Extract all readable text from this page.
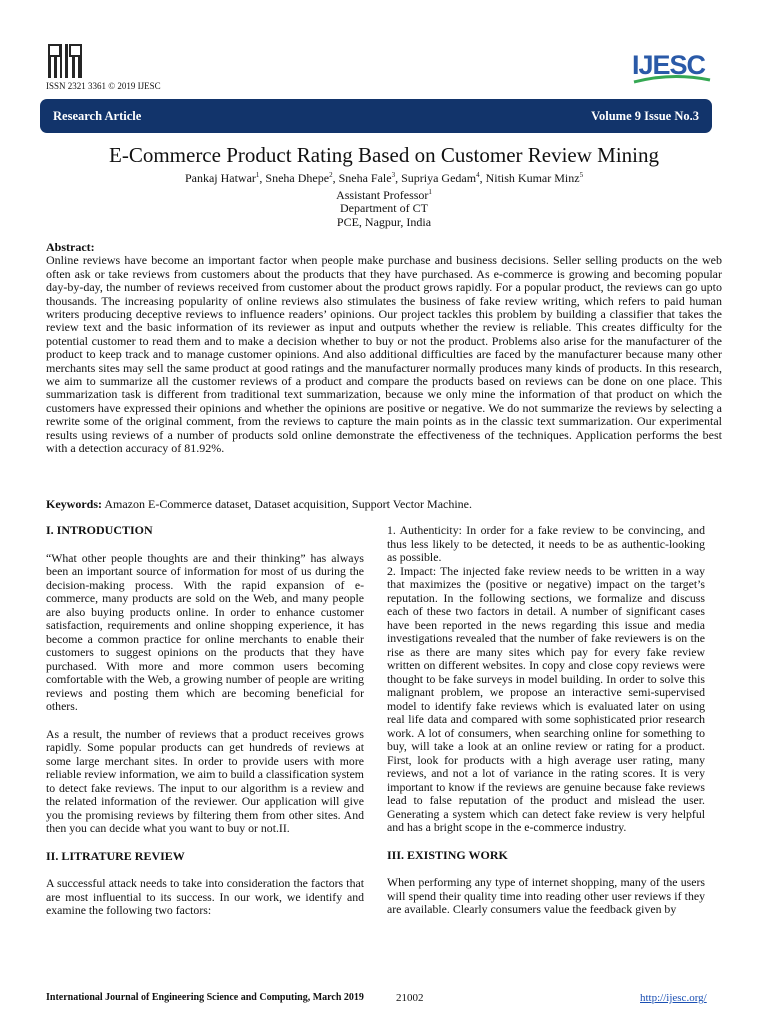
ISSN 2321 3361 © 2019 IJESC
IJESC
Research Article	Volume 9 Issue No.3
E-Commerce Product Rating Based on Customer Review Mining
Pankaj Hatwar$^1$, Sneha Dhepe$^2$, Sneha Fale$^3$, Supriya Gedam$^4$, Nitish Kumar Minz$^5$
Assistant Professor$^1$
Department of CT
PCE, Nagpur, India
Abstract:
Online reviews have become an important factor when people make purchase and business decisions. Seller selling products on the web often ask or take reviews from customers about the products that they have purchased. As e-commerce is growing and becoming popular day-by-day, the number of reviews received from customer about the product grows rapidly. For a popular product, the reviews can go upto thousands. The increasing popularity of online reviews also stimulates the business of fake review writing, which refers to paid human writers producing deceptive reviews to influence readers’ opinions. Our project tackles this problem by building a classifier that takes the review text and the basic information of its reviewer as input and outputs whether the review is reliable. This creates difficulty for the potential customer to read them and to make a decision whether to buy or not the product. Problems also arise for the manufacturer of the product to keep track and to manage customer opinions. And also additional difficulties are faced by the manufacturer because many other merchants sites may sell the same product at good ratings and the manufacturer normally produces many kinds of products. In this research, we aim to summarize all the customer reviews of a product and compare the products based on reviews can be done on one place. This summarization task is different from traditional text summarization, because we only mine the information of that product on which the customers have expressed their opinions and whether the opinions are positive or negative. We do not summarize the reviews by selecting a rewrite some of the original comment, from the reviews to capture the main points as in the classic text summarization. Our experimental results using reviews of a number of products sold online demonstrate the effectiveness of the techniques. Application performs the best with a detection accuracy of 81.92%.
Keywords: Amazon E-Commerce dataset, Dataset acquisition, Support Vector Machine.
I. INTRODUCTION

“What other people thoughts are and their thinking” has always been an important source of information for most of us during the decision-making process. With the rapid expansion of e-commerce, many products are sold on the Web, and many people are also buying products online. In order to enhance customer satisfaction, requirements and online shopping experience, it has become a common practice for online merchants to enable their customers to suggest opinions on the products that they have purchased. With more and more common users becoming comfortable with the Web, a growing number of people are writing reviews and posting them which are becoming beneficial for others.

As a result, the number of reviews that a product receives grows rapidly. Some popular products can get hundreds of reviews at some large merchant sites. In order to provide users with more reliable review information, we aim to build a classification system to detect fake reviews. The input to our algorithm is a review and the related information of the reviewer. Our application will give you the promising reviews by filtering them from other sites. And then you can decide what you want to buy or not.II.

II. LITRATURE REVIEW

A successful attack needs to take into consideration the factors that are most influential to its success. In our work, we identify and examine the following two factors:

1. Authenticity: In order for a fake review to be convincing, and thus less likely to be detected, it needs to be as authentic-looking as possible.

2. Impact: The injected fake review needs to be written in a way that maximizes the (positive or negative) impact on the target’s reputation. In the following sections, we formalize and discuss each of these two factors in detail. A number of significant cases have been reported in the news regarding this issue and media investigations revealed that the number of fake reviewers is on the rise as there are many sites which pay for every fake review written on different websites. In copy and close copy reviews were thought to be fake surveys in model building. In order to solve this malignant problem, we propose an interactive semi-supervised model to identify fake reviews which is evaluated later on using real life data and compared with some sophisticated prior research work. A lot of consumers, when searching online for something to buy, will take a look at an online review or rating for a product. First, look for products with a high average user rating, many reviews, and not a lot of variance in the rating scores. It is very important to know if the reviews are genuine because fake reviews lead to false reputation of the product and mislead the user. Generating a system which can detect fake review is very helpful and has a bright scope in the e-commerce industry.

III. EXISTING WORK

When performing any type of internet shopping, many of the users will spend their quality time into reading other user reviews if they are available. Clearly consumers value the feedback given by

International Journal of Engineering Science and Computing, March 2019	21002	http://ijesc.org/
